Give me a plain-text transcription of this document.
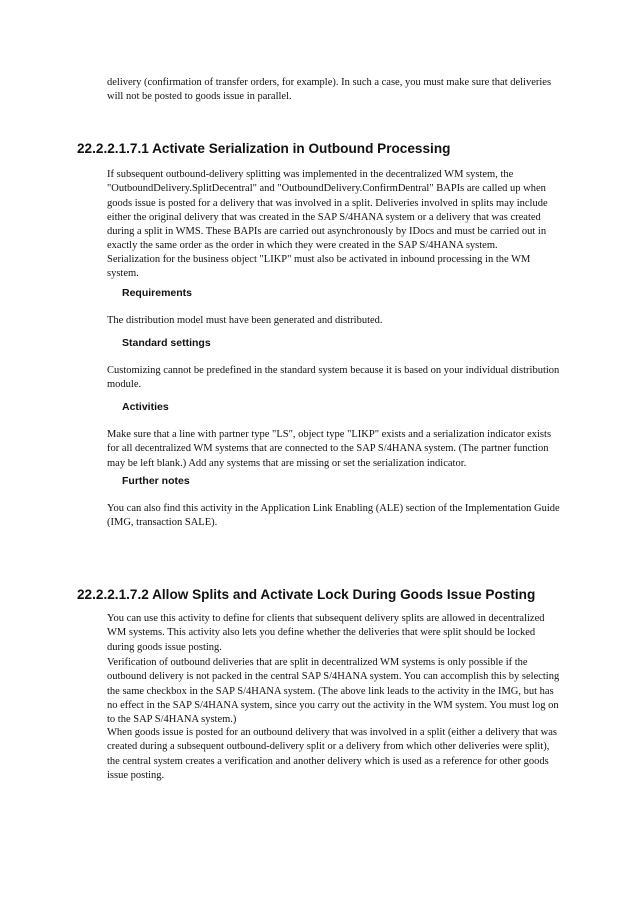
delivery (confirmation of transfer orders, for example). In such a case, you must make sure that deliveries will not be posted to goods issue in parallel.

22.2.2.1.7.1 Activate Serialization in Outbound Processing

If subsequent outbound-delivery splitting was implemented in the decentralized WM system, the "OutboundDelivery.SplitDecentral" and "OutboundDelivery.ConfirmDentral" BAPIs are called up when goods issue is posted for a delivery that was involved in a split. Deliveries involved in splits may include either the original delivery that was created in the SAP S/4HANA system or a delivery that was created during a split in WMS. These BAPIs are carried out asynchronously by IDocs and must be carried out in exactly the same order as the order in which they were created in the SAP S/4HANA system.

Serialization for the business object "LIKP" must also be activated in inbound processing in the WM system.

Requirements

The distribution model must have been generated and distributed.

Standard settings

Customizing cannot be predefined in the standard system because it is based on your individual distribution module.

Activities

Make sure that a line with partner type "LS", object type "LIKP" exists and a serialization indicator exists for all decentralized WM systems that are connected to the SAP S/4HANA system. (The partner function may be left blank.) Add any systems that are missing or set the serialization indicator.

Further notes

You can also find this activity in the Application Link Enabling (ALE) section of the Implementation Guide (IMG, transaction SALE).

22.2.2.1.7.2 Allow Splits and Activate Lock During Goods Issue Posting

You can use this activity to define for clients that subsequent delivery splits are allowed in decentralized WM systems. This activity also lets you define whether the deliveries that were split should be locked during goods issue posting.

Verification of outbound deliveries that are split in decentralized WM systems is only possible if the outbound delivery is not packed in the central SAP S/4HANA system. You can accomplish this by selecting the same checkbox in the SAP S/4HANA system. (The above link leads to the activity in the IMG, but has no effect in the SAP S/4HANA system, since you carry out the activity in the WM system. You must log on to the SAP S/4HANA system.)

When goods issue is posted for an outbound delivery that was involved in a split (either a delivery that was created during a subsequent outbound-delivery split or a delivery from which other deliveries were split), the central system creates a verification and another delivery which is used as a reference for other goods issue posting.
